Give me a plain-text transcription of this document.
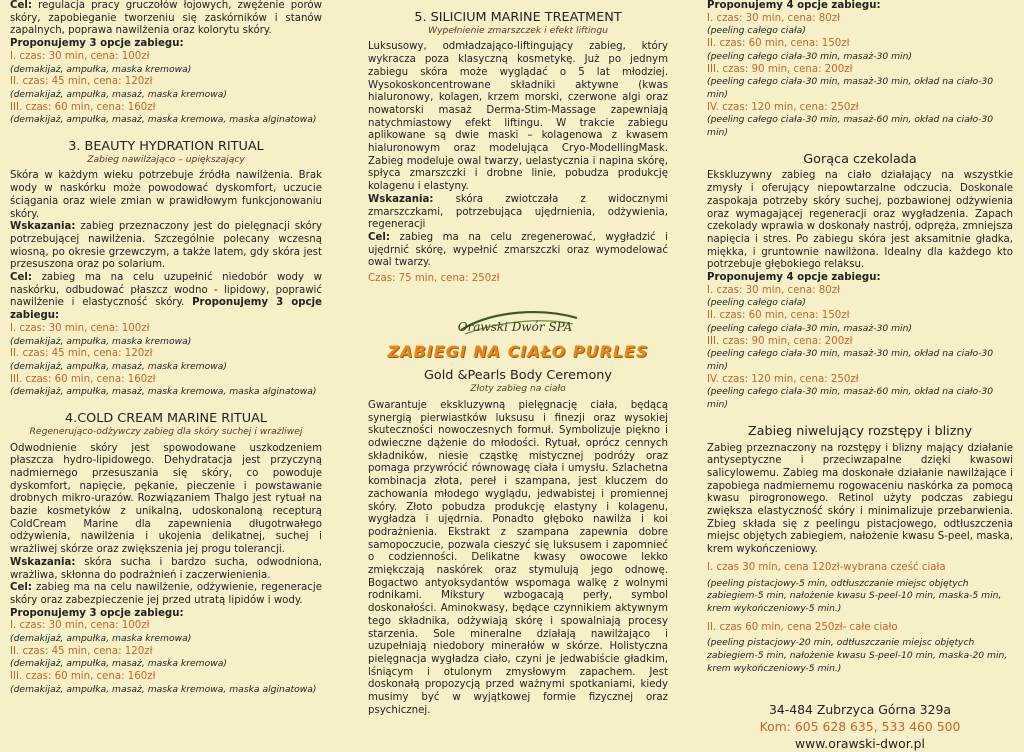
Cel: regulacja pracy gruczołów łojowych, zwężenie porów skóry, zapobieganie tworzeniu się zaskórników i stanów zapalnych, poprawa nawilżenia oraz kolorytu skóry.

Proponujemy 3 opcje zabiegu:

I. czas: 30 min, cena: 100zł

(demakijaż, ampułka, maska kremowa)

II. czas: 45 min, cena: 120zł

(demakijaż, ampułka, masaż, maska kremowa)

III. czas: 60 min, cena: 160zł

(demakijaż, ampułka, masaż, maska kremowa, maska alginatowa)

3. BEAUTY HYDRATION RITUAL

Zabieg nawilżająco – upiększający

Skóra w każdym wieku potrzebuje źródła nawilżenia. Brak wody w naskórku może powodować dyskomfort, uczucie ściągania oraz wiele zmian w prawidłowym funkcjonowaniu skóry.

Wskazania: zabieg przeznaczony jest do pielęgnacji skóry potrzebującej nawilżenia. Szczególnie polecany wczesną wiosną, po okresie grzewczym, a także latem, gdy skóra jest przesuszona oraz po solarium.

Cel: zabieg ma na celu uzupełnić niedobór wody w naskórku, odbudować płaszcz wodno - lipidowy, poprawić nawilżenie i elastyczność skóry. Proponujemy 3 opcje zabiegu:

I. czas: 30 min, cena: 100zł

(demakijaż, ampułka, maska kremowa)

II. czas: 45 min, cena: 120zł

(demakijaż, ampułka, masaż, maska kremowa)

III. czas: 60 min, cena: 160zł

(demakijaż, ampułka, masaż, maska kremowa, maska alginatowa)

4.COLD CREAM MARINE RITUAL

Regenerująco-odżywczy zabieg dla skóry suchej i wrażliwej

Odwodnienie skóry jest spowodowane uszkodzeniem płaszcza hydro-lipidowego. Dehydratacja jest przyczyną nadmiernego przesuszania się skóry, co powoduje dyskomfort, napięcie, pękanie, pieczenie i powstawanie drobnych mikro-urazów. Rozwiązaniem Thalgo jest rytuał na bazie kosmetyków z unikalną, udoskonaloną recepturą ColdCream Marine dla zapewnienia długotrwałego odżywienia, nawilżenia i ukojenia delikatnej, suchej i wrażliwej skórze oraz zwiększenia jej progu tolerancji.

Wskazania: skóra sucha i bardzo sucha, odwodniona, wrażliwa, skłonna do podrażnień i zaczerwienienia.

Cel: zabieg ma na celu nawilżenie, odżywienie, regeneracje skóry oraz zabezpieczenie jej przed utratą lipidów i wody.

Proponujemy 3 opcje zabiegu:

I. czas: 30 min, cena: 100zł

(demakijaż, ampułka, maska kremowa)

II. czas: 45 min, cena: 120zł

(demakijaż, ampułka, masaż, maska kremowa)

III. czas: 60 min, cena: 160zł

(demakijaż, ampułka, masaż, maska kremowa, maska alginatowa)

5. SILICIUM MARINE TREATMENT

Wypełnienie zmarszczek i efekt liftingu

Luksusowy, odmładzająco-liftingujący zabieg, który wykracza poza klasyczną kosmetykę. Już po jednym zabiegu skóra może wyglądać o 5 lat młodziej. Wysokoskoncentrowane składniki aktywne (kwas hialuronowy, kolagen, krzem morski, czerwone algi oraz nowatorski masaż Derma-Stim-Massage zapewniają natychmiastowy efekt liftingu. W trakcie zabiegu aplikowane są dwie maski – kolagenowa z kwasem hialuronowym oraz modelująca Cryo-ModellingMask. Zabieg modeluje owal twarzy, uelastycznia i napina skórę, spłyca zmarszczki i drobne linie, pobudza produkcję kolagenu i elastyny.

Wskazania: skóra zwiotczała z widocznymi zmarszczkami, potrzebująca ujędrnienia, odżywienia, regeneracji

Cel: zabieg ma na celu zregenerować, wygładzić i ujędrnić skórę, wypełnić zmarszczki oraz wymodelować owal twarzy.

Czas: 75 min, cena: 250zł

Orawski Dwór SPA

ZABIEGI NA CIAŁO PURLES

Gold &Pearls Body Ceremony

Złoty zabieg na ciało

Gwarantuje ekskluzywną pielęgnację ciała, będącą synergią pierwiastków luksusu i finezji oraz wysokiej skuteczności nowoczesnych formuł. Symbolizuje piękno i odwieczne dążenie do młodości. Rytuał, oprócz cennych składników, niesie cząstkę mistycznej podróży oraz pomaga przywrócić równowagę ciała i umysłu. Szlachetna kombinacja złota, pereł i szampana, jest kluczem do zachowania młodego wyglądu, jedwabistej i promiennej skóry. Złoto pobudza produkcję elastyny i kolagenu, wygładza i ujędrnia. Ponadto głęboko nawilża i koi podrażnienia. Ekstrakt z szampana zapewnia dobre samopoczucie, pozwala cieszyć się luksusem i zapomnieć o codzienności. Delikatne kwasy owocowe lekko zmiękczają naskórek oraz stymulują jego odnowę. Bogactwo antyoksydantów wspomaga walkę z wolnymi rodnikami. Mikstury wzbogacają perły, symbol doskonałości. Aminokwasy, będące czynnikiem aktywnym tego składnika, odżywiają skórę i spowalniają procesy starzenia. Sole mineralne działają nawilżająco i uzupełniają niedobory minerałów w skórze. Holistyczna pielęgnacja wygładza ciało, czyni je jedwabiście gładkim, lśniącym i otulonym zmysłowym zapachem. Jest doskonałą propozycją przed ważnymi spotkaniami, kiedy musimy być w wyjątkowej formie fizycznej oraz psychicznej.

Proponujemy 4 opcje zabiegu:

I. czas: 30 min, cena: 80zł

(peeling całego ciała)

II. czas: 60 min, cena: 150zł

(peeling całego ciała-30 min, masaż-30 min)

III. czas: 90 min, cena: 200zł

(peeling całego ciała-30 min, masaż-30 min, okład na ciało-30 min)

IV. czas: 120 min, cena: 250zł

(peeling całego ciała-30 min, masaż-60 min, okład na ciało-30 min)

Gorąca czekolada

Ekskluzywny zabieg na ciało działający na wszystkie zmysły i oferujący niepowtarzalne odczucia. Doskonale zaspokaja potrzeby skóry suchej, pozbawionej odżywienia oraz wymagającej regeneracji oraz wygładzenia. Zapach czekolady wprawia w doskonały nastrój, odpręża, zmniejsza napięcia i stres. Po zabiegu skóra jest aksamitnie gładka, miękka, i gruntownie nawilżona. Idealny dla każdego kto potrzebuje głębokiego relaksu.

Proponujemy 4 opcje zabiegu:

I. czas: 30 min, cena: 80zł

(peeling całego ciała)

II. czas: 60 min, cena: 150zł

(peeling całego ciała-30 min, masaż-30 min)

III. czas: 90 min, cena: 200zł

(peeling całego ciała-30 min, masaż-30 min, okład na ciało-30 min)

IV. czas: 120 min, cena: 250zł

(peeling całego ciała-30 min, masaż-60 min, okład na ciało-30 min)

Zabieg niwelujący rozstępy i blizny

Zabieg przeznaczony na rozstępy i blizny mający działanie antyseptyczne i przeciwzapalne dzięki kwasowi salicylowemu. Zabieg ma doskonałe działanie nawilżające i zapobiega nadmiernemu rogowaceniu naskórka za pomocą kwasu pirogronowego. Retinol użyty podczas zabiegu zwiększa elastyczność skóry i minimalizuje przebarwienia. Zbieg składa się z peelingu pistacjowego, odtłuszczenia miejsc objętych zabiegiem, nałożenie kwasu S-peel, maska, krem wykończeniowy.

I. czas 30 min, cena 120zł-wybrana cześć ciała

(peeling pistacjowy-5 min, odtłuszczanie miejsc objętych zabiegiem-5 min, nałożenie kwasu S-peel-10 min, maska-5 min, krem wykończeniowy-5 min.)

II. czas 60 min, cena 250zł- całe ciało

(peeling pistacjowy-20 min, odtłuszczanie miejsc objętych zabiegiem-5 min, nałożenie kwasu S-peel-10 min, maska-20 min, krem wykończeniowy-5 min.)

34-484 Zubrzyca Górna 329a
Kom: 605 628 635, 533 460 500
www.orawski-dwor.pl
